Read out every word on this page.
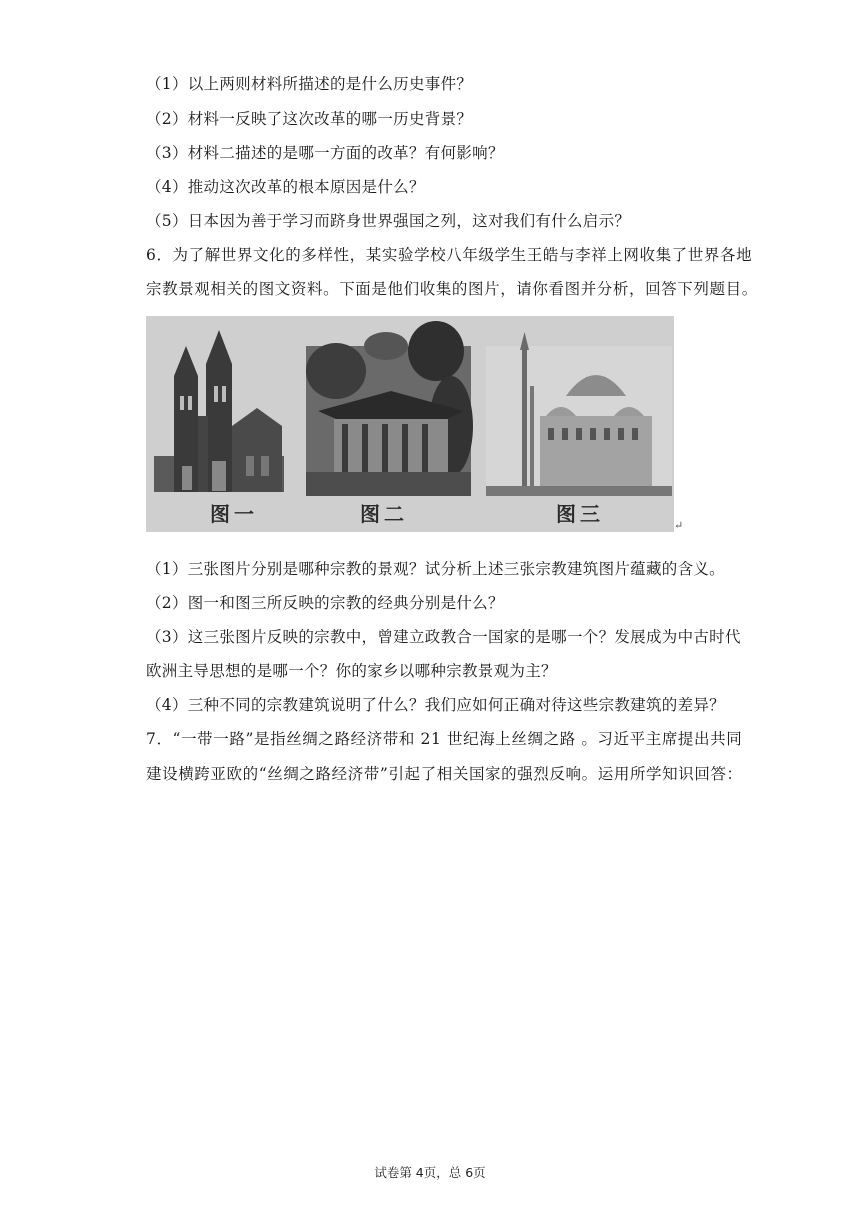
（1）以上两则材料所描述的是什么历史事件？
（2）材料一反映了这次改革的哪一历史背景？
（3）材料二描述的是哪一方面的改革？有何影响？
（4）推动这次改革的根本原因是什么？
（5）日本因为善于学习而跻身世界强国之列，这对我们有什么启示？
6．为了解世界文化的多样性，某实验学校八年级学生王皓与李祥上网收集了世界各地
宗教景观相关的图文资料。下面是他们收集的图片，请你看图并分析，回答下列题目。
图一	图二	图三	↵
（1）三张图片分别是哪种宗教的景观？试分析上述三张宗教建筑图片蕴藏的含义。
（2）图一和图三所反映的宗教的经典分别是什么？
（3）这三张图片反映的宗教中，曾建立政教合一国家的是哪一个？发展成为中古时代
欧洲主导思想的是哪一个？你的家乡以哪种宗教景观为主？
（4）三种不同的宗教建筑说明了什么？我们应如何正确对待这些宗教建筑的差异？
7．“一带一路”是指丝绸之路经济带和 21 世纪海上丝绸之路 。习近平主席提出共同
建设横跨亚欧的“丝绸之路经济带”引起了相关国家的强烈反响。运用所学知识回答：
试卷第 4页，总 6页
